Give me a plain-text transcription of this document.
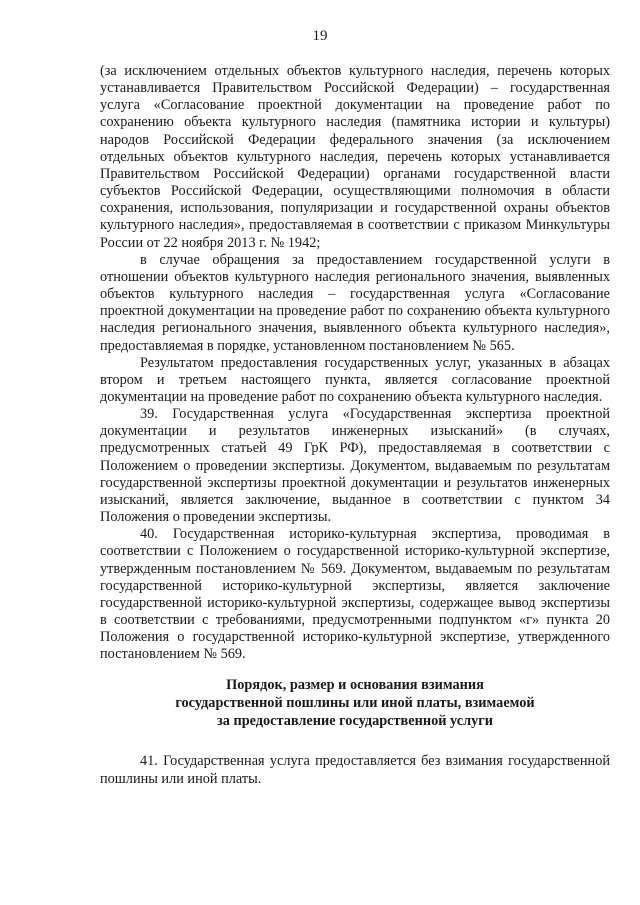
19

(за исключением отдельных объектов культурного наследия, перечень которых устанавливается Правительством Российской Федерации) – государственная услуга «Согласование проектной документации на проведение работ по сохранению объекта культурного наследия (памятника истории и культуры) народов Российской Федерации федерального значения (за исключением отдельных объектов культурного наследия, перечень которых устанавливается Правительством Российской Федерации) органами государственной власти субъектов Российской Федерации, осуществляющими полномочия в области сохранения, использования, популяризации и государственной охраны объектов культурного наследия», предоставляемая в соответствии с приказом Минкультуры России от 22 ноября 2013 г. № 1942;

в случае обращения за предоставлением государственной услуги в отношении объектов культурного наследия регионального значения, выявленных объектов культурного наследия – государственная услуга «Согласование проектной документации на проведение работ по сохранению объекта культурного наследия регионального значения, выявленного объекта культурного наследия», предоставляемая в порядке, установленном постановлением № 565.

Результатом предоставления государственных услуг, указанных в абзацах втором и третьем настоящего пункта, является согласование проектной документации на проведение работ по сохранению объекта культурного наследия.

39. Государственная услуга «Государственная экспертиза проектной документации и результатов инженерных изысканий» (в случаях, предусмотренных статьей 49 ГрК РФ), предоставляемая в соответствии с Положением о проведении экспертизы. Документом, выдаваемым по результатам государственной экспертизы проектной документации и результатов инженерных изысканий, является заключение, выданное в соответствии с пунктом 34 Положения о проведении экспертизы.

40. Государственная историко-культурная экспертиза, проводимая в соответствии с Положением о государственной историко-культурной экспертизе, утвержденным постановлением № 569. Документом, выдаваемым по результатам государственной историко-культурной экспертизы, является заключение государственной историко-культурной экспертизы, содержащее вывод экспертизы в соответствии с требованиями, предусмотренными подпунктом «г» пункта 20 Положения о государственной историко-культурной экспертизе, утвержденного постановлением № 569.

Порядок, размер и основания взимания государственной пошлины или иной платы, взимаемой за предоставление государственной услуги

41. Государственная услуга предоставляется без взимания государственной пошлины или иной платы.
